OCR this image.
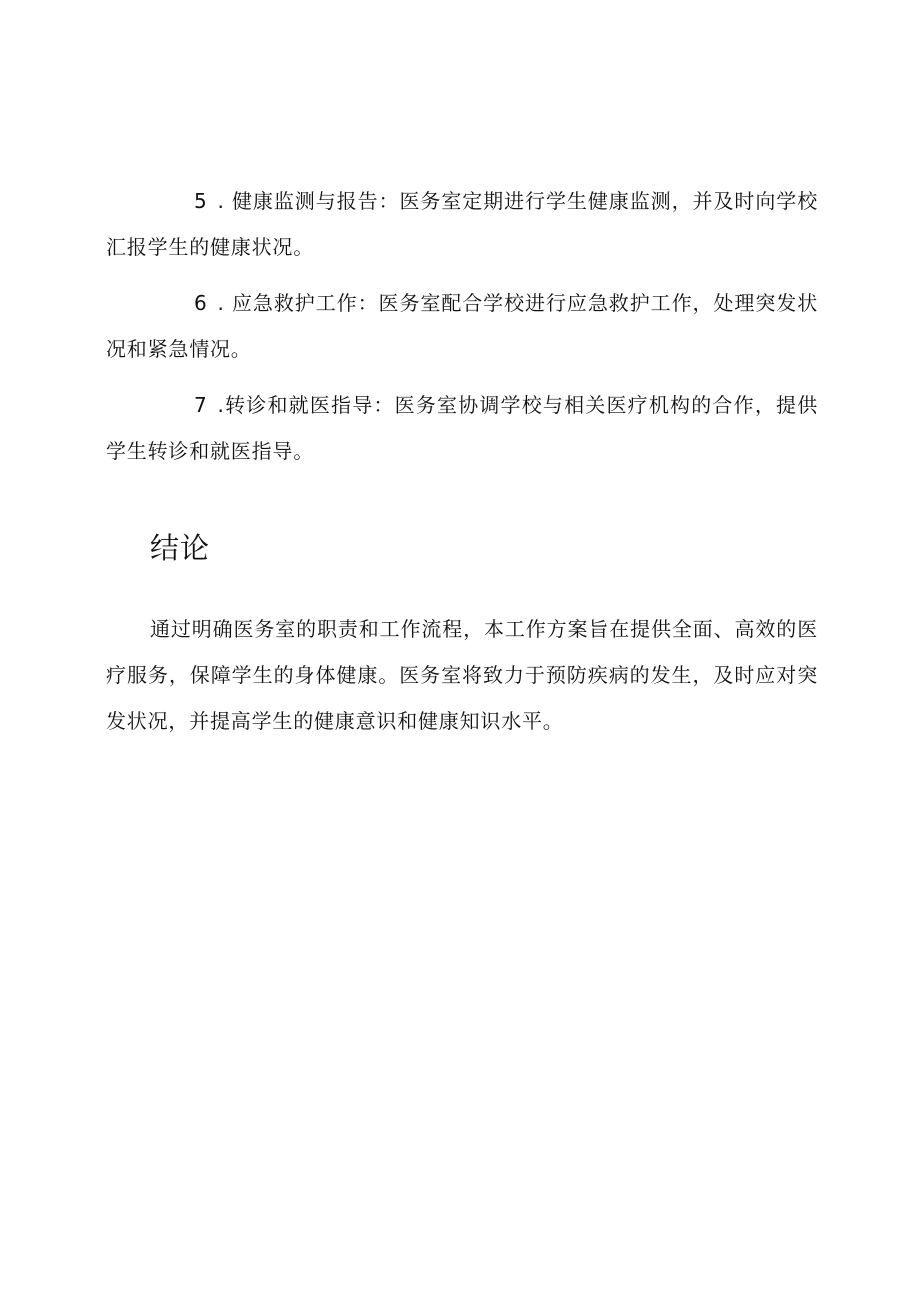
5 . 健康监测与报告：医务室定期进行学生健康监测，并及时向学校汇报学生的健康状况。

6 . 应急救护工作：医务室配合学校进行应急救护工作，处理突发状况和紧急情况。

7 .转诊和就医指导：医务室协调学校与相关医疗机构的合作，提供学生转诊和就医指导。

结论

通过明确医务室的职责和工作流程，本工作方案旨在提供全面、高效的医疗服务，保障学生的身体健康。医务室将致力于预防疾病的发生，及时应对突发状况，并提高学生的健康意识和健康知识水平。
